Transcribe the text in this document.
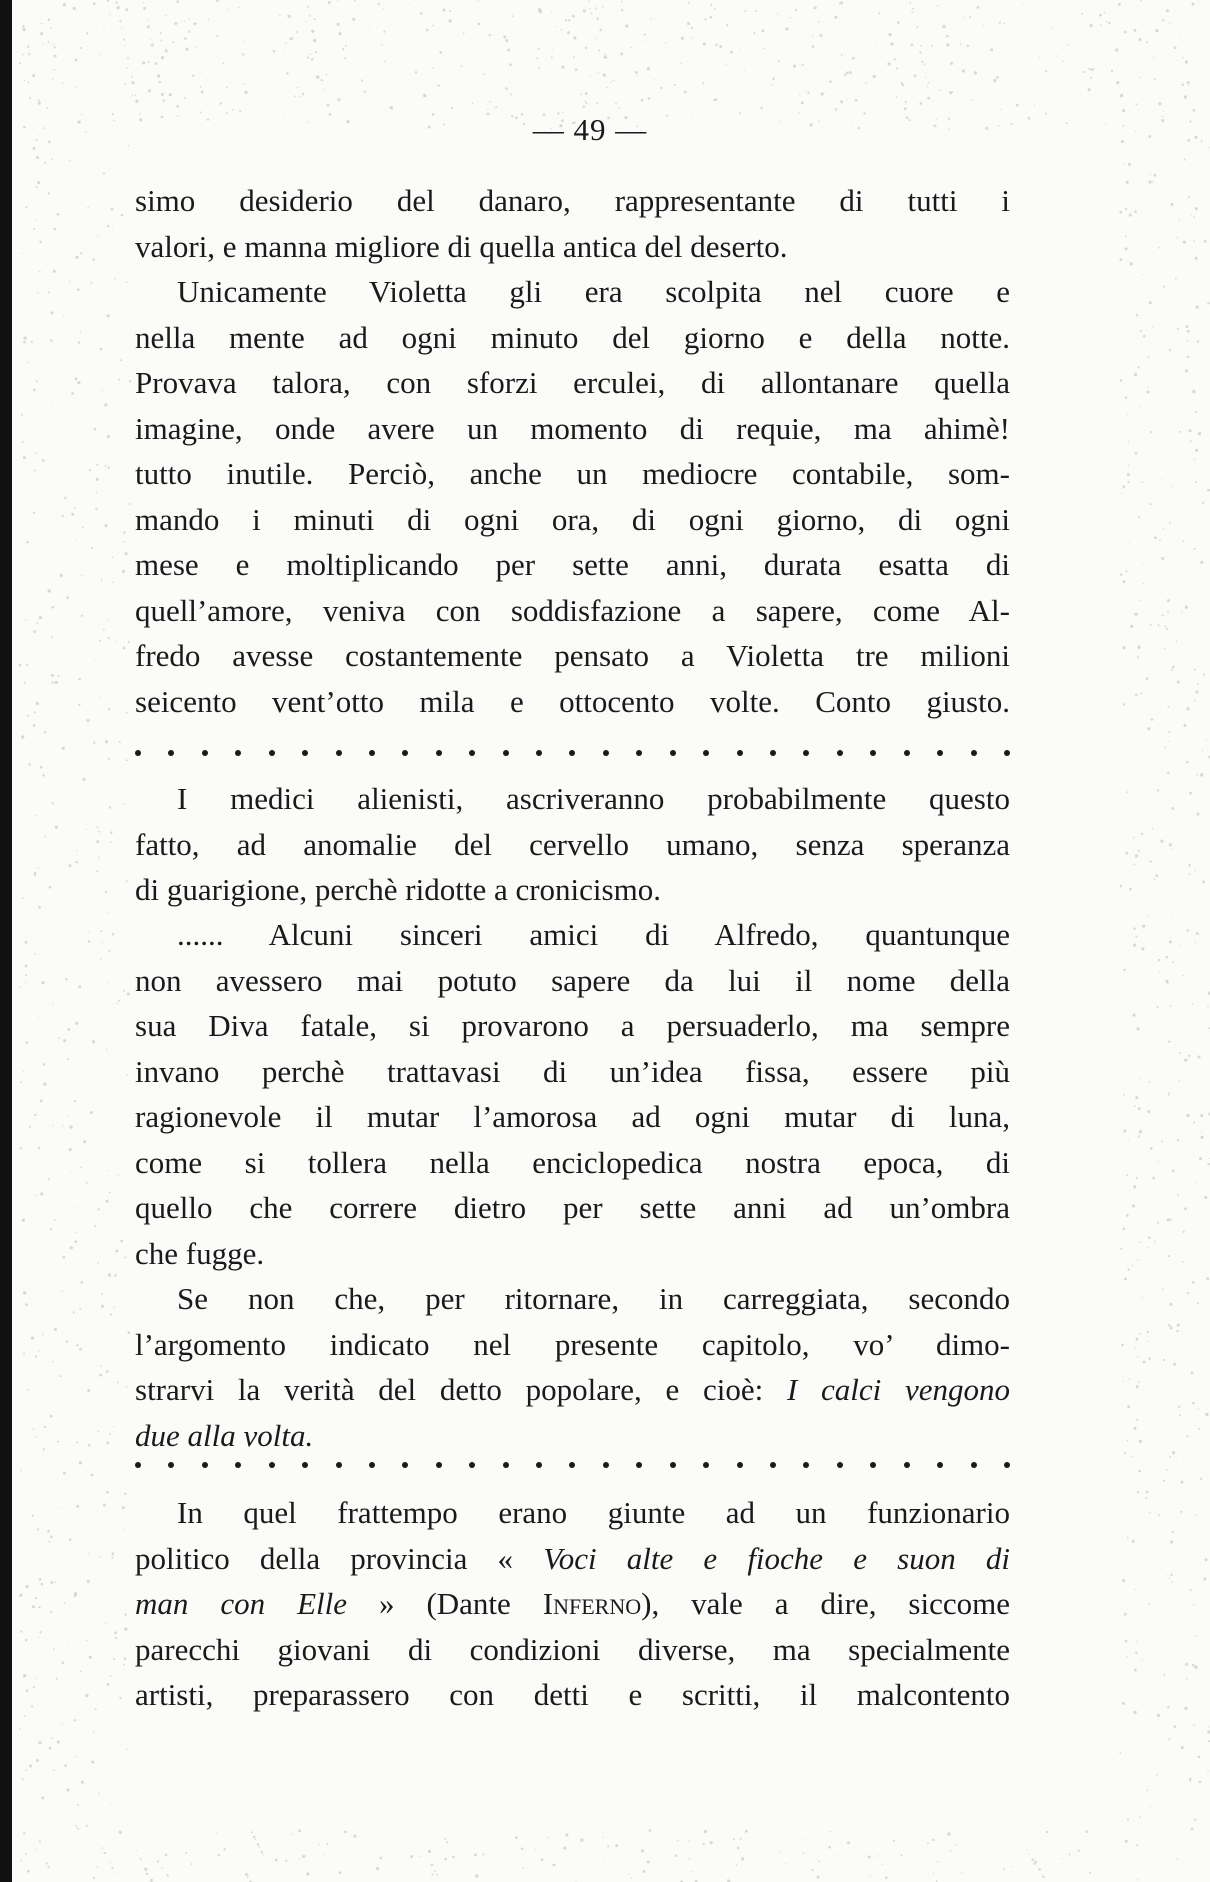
— 49 —
simo desiderio del danaro, rappresentante di tutti i
valori, e manna migliore di quella antica del deserto.
Unicamente Violetta gli era scolpita nel cuore e
nella mente ad ogni minuto del giorno e della notte.
Provava talora, con sforzi erculei, di allontanare quella
imagine, onde avere un momento di requie, ma ahimè!
tutto inutile. Perciò, anche un mediocre contabile, som-
mando i minuti di ogni ora, di ogni giorno, di ogni
mese e moltiplicando per sette anni, durata esatta di
quell’amore, veniva con soddisfazione a sapere, come Al-
fredo avesse costantemente pensato a Violetta tre milioni
seicento vent’otto mila e ottocento volte. Conto giusto.
I medici alienisti, ascriveranno probabilmente questo
fatto, ad anomalie del cervello umano, senza speranza
di guarigione, perchè ridotte a cronicismo.
...... Alcuni sinceri amici di Alfredo, quantunque
non avessero mai potuto sapere da lui il nome della
sua Diva fatale, si provarono a persuaderlo, ma sempre
invano perchè trattavasi di un’idea fissa, essere più
ragionevole il mutar l’amorosa ad ogni mutar di luna,
come si tollera nella enciclopedica nostra epoca, di
quello che correre dietro per sette anni ad un’ombra
che fugge.
Se non che, per ritornare, in carreggiata, secondo
l’argomento indicato nel presente capitolo, vo’ dimo-
strarvi la verità del detto popolare, e cioè: I calci vengono
due alla volta.
In quel frattempo erano giunte ad un funzionario
politico della provincia « Voci alte e fioche e suon di
man con Elle » (Dante Inferno), vale a dire, siccome
parecchi giovani di condizioni diverse, ma specialmente
artisti, preparassero con detti e scritti, il malcontento
